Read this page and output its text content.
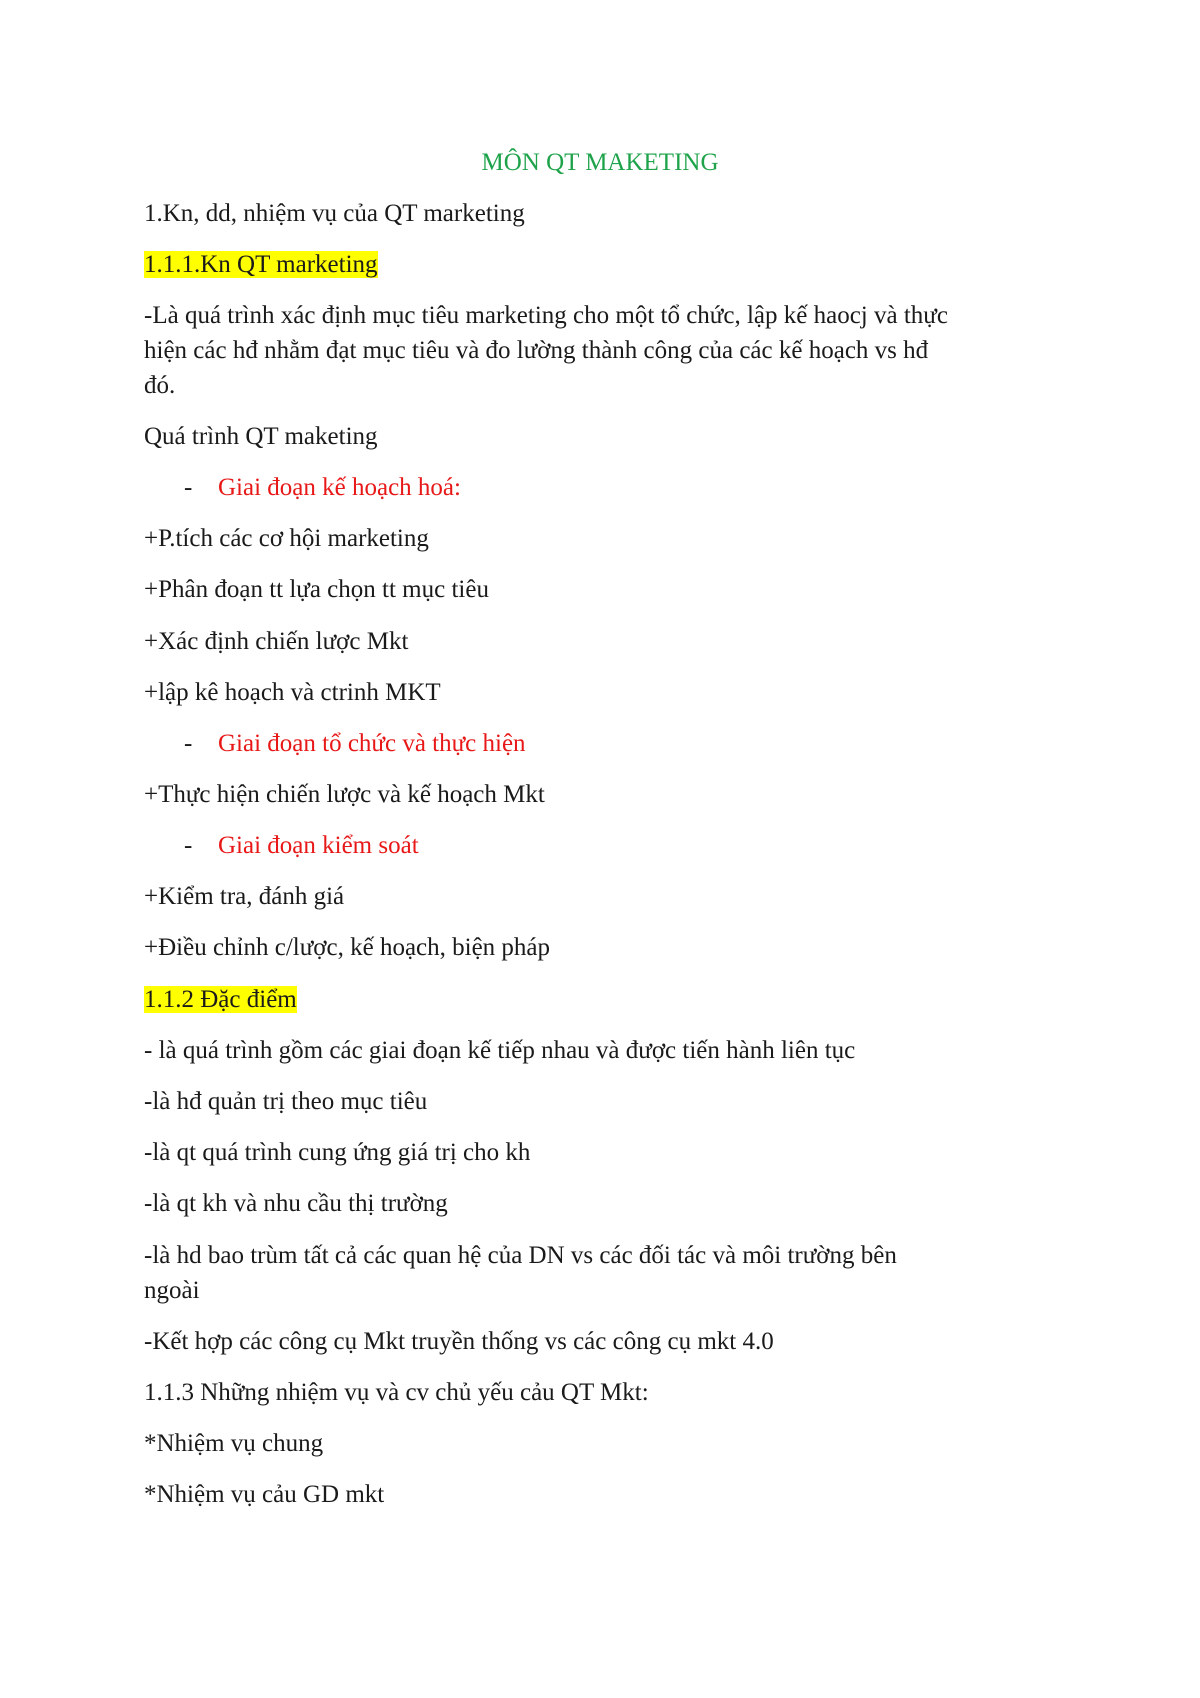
MÔN QT MAKETING
1.Kn, dd, nhiệm vụ của QT marketing
1.1.1.Kn QT marketing
-Là quá trình xác định mục tiêu marketing cho một tổ chức, lập kế haocj và thực
hiện các hđ nhằm đạt mục tiêu và đo lường thành công của các kế hoạch vs hđ
đó.
Quá trình QT maketing
- Giai đoạn kế hoạch hoá:
+P.tích các cơ hội marketing
+Phân đoạn tt lựa chọn tt mục tiêu
+Xác định chiến lược Mkt
+lập kê hoạch và ctrinh MKT
- Giai đoạn tổ chức và thực hiện
+Thực hiện chiến lược và kế hoạch Mkt
- Giai đoạn kiểm soát
+Kiểm tra, đánh giá
+Điều chỉnh c/lược, kế hoạch, biện pháp
1.1.2 Đặc điểm
- là quá trình gồm các giai đoạn kế tiếp nhau và được tiến hành liên tục
-là hđ quản trị theo mục tiêu
-là qt quá trình cung ứng giá trị cho kh
-là qt kh và nhu cầu thị trường
-là hd bao trùm tất cả các quan hệ của DN vs các đối tác và môi trường bên
ngoài
-Kết hợp các công cụ Mkt truyền thống vs các công cụ mkt 4.0
1.1.3 Những nhiệm vụ và cv chủ yếu cảu QT Mkt:
*Nhiệm vụ chung
*Nhiệm vụ cảu GD mkt
